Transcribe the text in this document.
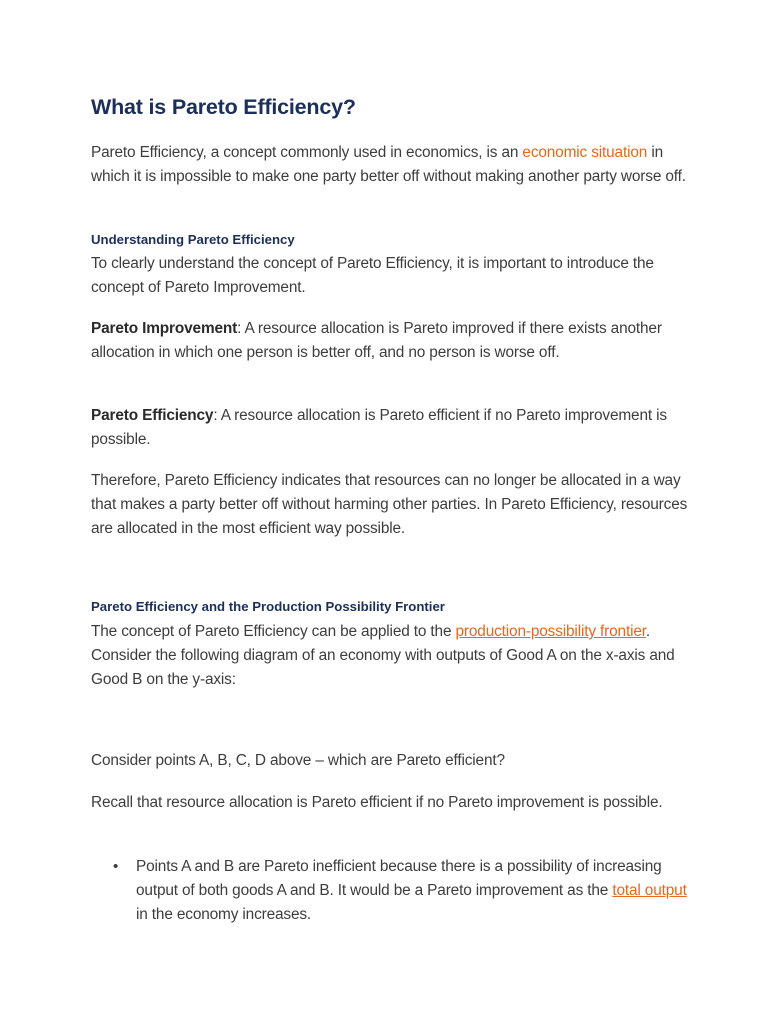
What is Pareto Efficiency?

Pareto Efficiency, a concept commonly used in economics, is an economic situation in which it is impossible to make one party better off without making another party worse off.

Understanding Pareto Efficiency

To clearly understand the concept of Pareto Efficiency, it is important to introduce the concept of Pareto Improvement.

Pareto Improvement: A resource allocation is Pareto improved if there exists another allocation in which one person is better off, and no person is worse off.

Pareto Efficiency: A resource allocation is Pareto efficient if no Pareto improvement is possible.

Therefore, Pareto Efficiency indicates that resources can no longer be allocated in a way that makes a party better off without harming other parties. In Pareto Efficiency, resources are allocated in the most efficient way possible.

Pareto Efficiency and the Production Possibility Frontier

The concept of Pareto Efficiency can be applied to the production-possibility frontier. Consider the following diagram of an economy with outputs of Good A on the x-axis and Good B on the y-axis:

Consider points A, B, C, D above – which are Pareto efficient?

Recall that resource allocation is Pareto efficient if no Pareto improvement is possible.

• Points A and B are Pareto inefficient because there is a possibility of increasing output of both goods A and B. It would be a Pareto improvement as the total output in the economy increases.
